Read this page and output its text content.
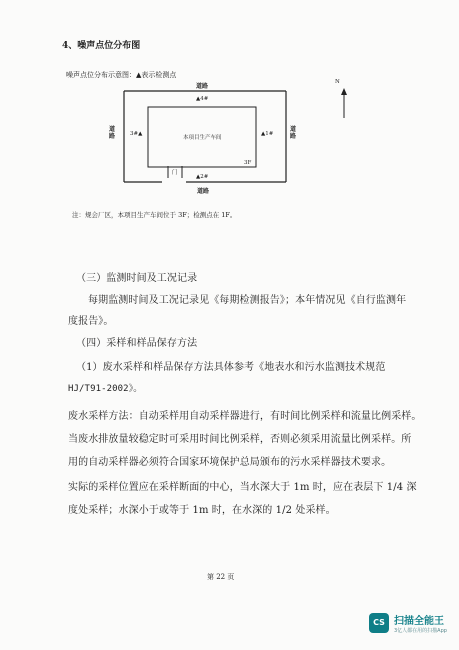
4、噪声点位分布图
噪声点位分布示意图：▲表示检测点
道路
▲4#
道路	3#▲
本项目生产车间
▲1#
道路
3F
门
▲2#
道路
N
注：规会厂区，本项目生产车间位于 3F；检测点在 1F。
（三）监测时间及工况记录
每期监测时间及工况记录见《每期检测报告》；本年情况见《自行监测年
度报告》。
（四）采样和样品保存方法
（1）废水采样和样品保存方法具体参考《地表水和污水监测技术规范
HJ/T91-2002》。
废水采样方法：自动采样用自动采样器进行，有时间比例采样和流量比例采样。
当废水排放量较稳定时可采用时间比例采样，否则必须采用流量比例采样。所
用的自动采样器必须符合国家环境保护总局颁布的污水采样器技术要求。
实际的采样位置应在采样断面的中心，当水深大于 1m 时，应在表层下 1/4 深
度处采样；水深小于或等于 1m 时，在水深的 1/2 处采样。
第 22 页
CS 扫描全能王
3亿人都在用的扫描App
